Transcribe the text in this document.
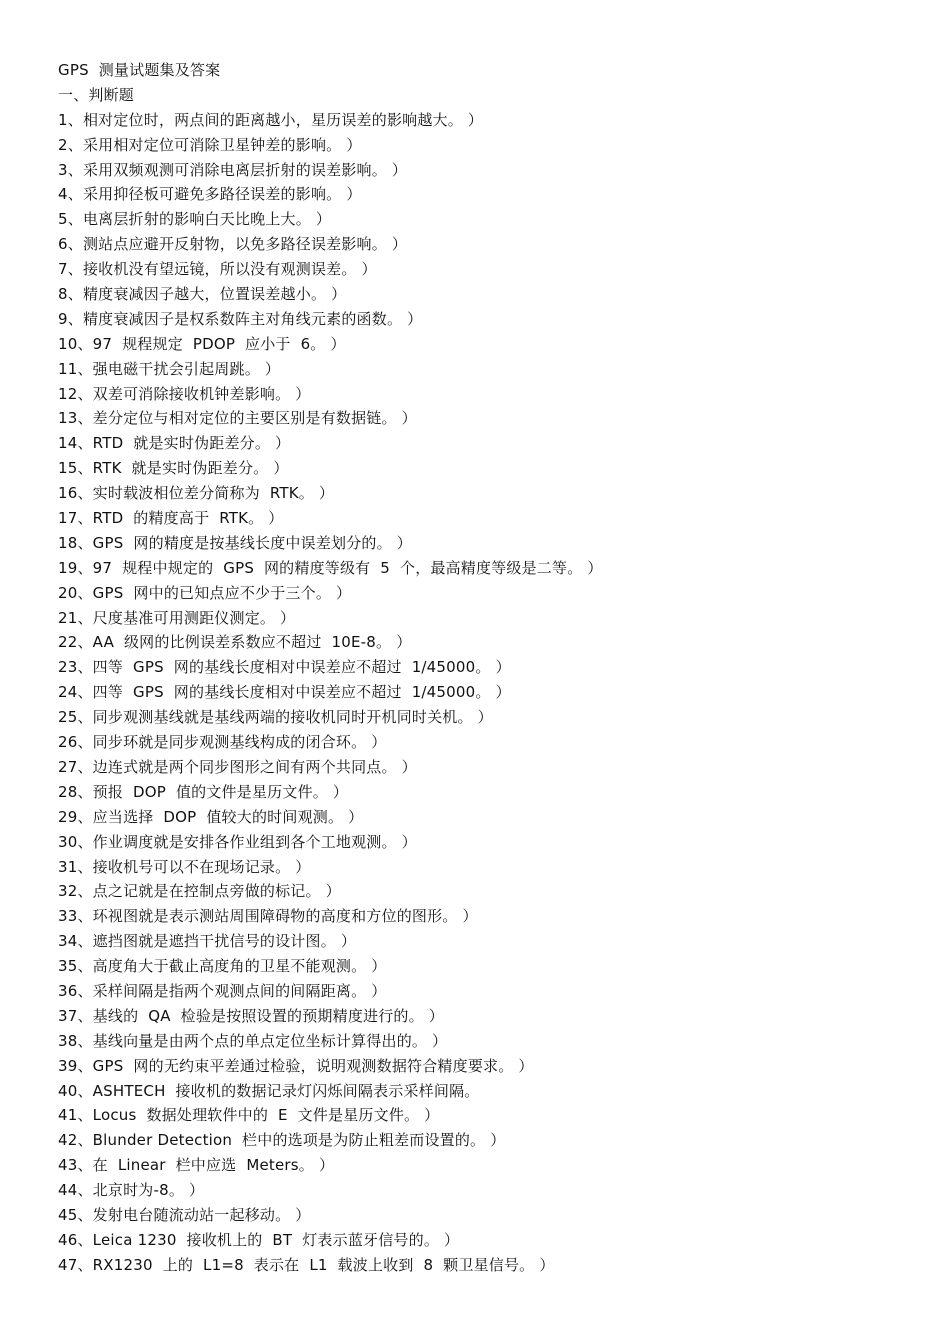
GPS  测量试题集及答案
一、判断题
1、相对定位时，两点间的距离越小，星历误差的影响越大。 ）
2、采用相对定位可消除卫星钟差的影响。 ）
3、采用双频观测可消除电离层折射的误差影响。 ）
4、采用抑径板可避免多路径误差的影响。 ）
5、电离层折射的影响白天比晚上大。 ）
6、测站点应避开反射物，以免多路径误差影响。 ）
7、接收机没有望远镜，所以没有观测误差。 ）
8、精度衰减因子越大，位置误差越小。 ）
9、精度衰减因子是权系数阵主对角线元素的函数。 ）
10、97  规程规定  PDOP  应小于  6。 ）
11、强电磁干扰会引起周跳。 ）
12、双差可消除接收机钟差影响。 ）
13、差分定位与相对定位的主要区别是有数据链。 ）
14、RTD  就是实时伪距差分。 ）
15、RTK  就是实时伪距差分。 ）
16、实时载波相位差分简称为  RTK。 ）
17、RTD  的精度高于  RTK。 ）
18、GPS  网的精度是按基线长度中误差划分的。 ）
19、97  规程中规定的  GPS  网的精度等级有  5  个，最高精度等级是二等。 ）
20、GPS  网中的已知点应不少于三个。 ）
21、尺度基准可用测距仪测定。 ）
22、AA  级网的比例误差系数应不超过  10E-8。 ）
23、四等  GPS  网的基线长度相对中误差应不超过  1/45000。 ）
24、四等  GPS  网的基线长度相对中误差应不超过  1/45000。 ）
25、同步观测基线就是基线两端的接收机同时开机同时关机。 ）
26、同步环就是同步观测基线构成的闭合环。 ）
27、边连式就是两个同步图形之间有两个共同点。 ）
28、预报  DOP  值的文件是星历文件。 ）
29、应当选择  DOP  值较大的时间观测。 ）
30、作业调度就是安排各作业组到各个工地观测。 ）
31、接收机号可以不在现场记录。 ）
32、点之记就是在控制点旁做的标记。 ）
33、环视图就是表示测站周围障碍物的高度和方位的图形。 ）
34、遮挡图就是遮挡干扰信号的设计图。 ）
35、高度角大于截止高度角的卫星不能观测。 ）
36、采样间隔是指两个观测点间的间隔距离。 ）
37、基线的  QA  检验是按照设置的预期精度进行的。 ）
38、基线向量是由两个点的单点定位坐标计算得出的。 ）
39、GPS  网的无约束平差通过检验，说明观测数据符合精度要求。 ）
40、ASHTECH  接收机的数据记录灯闪烁间隔表示采样间隔。
41、Locus  数据处理软件中的  E  文件是星历文件。 ）
42、Blunder Detection  栏中的选项是为防止粗差而设置的。 ）
43、在  Linear  栏中应选  Meters。 ）
44、北京时为-8。 ）
45、发射电台随流动站一起移动。 ）
46、Leica 1230  接收机上的  BT  灯表示蓝牙信号的。 ）
47、RX1230  上的  L1=8  表示在  L1  载波上收到  8  颗卫星信号。 ）
